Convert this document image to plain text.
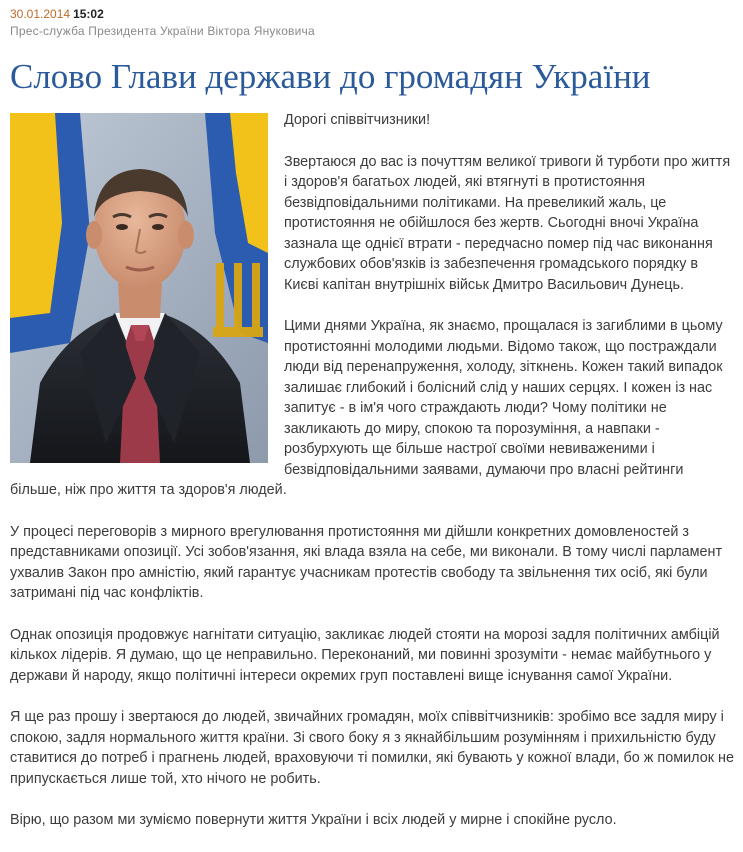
30.01.2014 15:02
Прес-служба Президента України Віктора Януковича
Слово Глави держави до громадян України

Дорогі співвітчизники!

Звертаюся до вас із почуттям великої тривоги й турботи про життя і здоров'я багатьох людей, які втягнуті в протистояння безвідповідальними політиками. На превеликий жаль, це протистояння не обійшлося без жертв. Сьогодні вночі Україна зазнала ще однієї втрати - передчасно помер під час виконання службових обов'язків із забезпечення громадського порядку в Києві капітан внутрішніх військ Дмитро Васильович Дунець.

Цими днями Україна, як знаємо, прощалася із загиблими в цьому протистоянні молодими людьми. Відомо також, що постраждали люди від перенапруження, холоду, зіткнень. Кожен такий випадок залишає глибокий і болісний слід у наших серцях. І кожен із нас запитує - в ім'я чого страждають люди? Чому політики не закликають до миру, спокою та порозуміння, а навпаки - розбурхують ще більше настрої своїми невиваженими і безвідповідальними заявами, думаючи про власні рейтинги більше, ніж про життя та здоров'я людей.

У процесі переговорів з мирного врегулювання протистояння ми дійшли конкретних домовленостей з представниками опозиції. Усі зобов'язання, які влада взяла на себе, ми виконали. В тому числі парламент ухвалив Закон про амністію, який гарантує учасникам протестів свободу та звільнення тих осіб, які були затримані під час конфліктів.

Однак опозиція продовжує нагнітати ситуацію, закликає людей стояти на морозі задля політичних амбіцій кількох лідерів. Я думаю, що це неправильно. Переконаний, ми повинні зрозуміти - немає майбутнього у держави й народу, якщо політичні інтереси окремих груп поставлені вище існування самої України.

Я ще раз прошу і звертаюся до людей, звичайних громадян, моїх співвітчизників: зробімо все задля миру і спокою, задля нормального життя країни. Зі свого боку я з якнайбільшим розумінням і прихильністю буду ставитися до потреб і прагнень людей, враховуючи ті помилки, які бувають у кожної влади, бо ж помилок не припускається лише той, хто нічого не робить.

Вірю, що разом ми зуміємо повернути життя України і всіх людей у мирне і спокійне русло.
